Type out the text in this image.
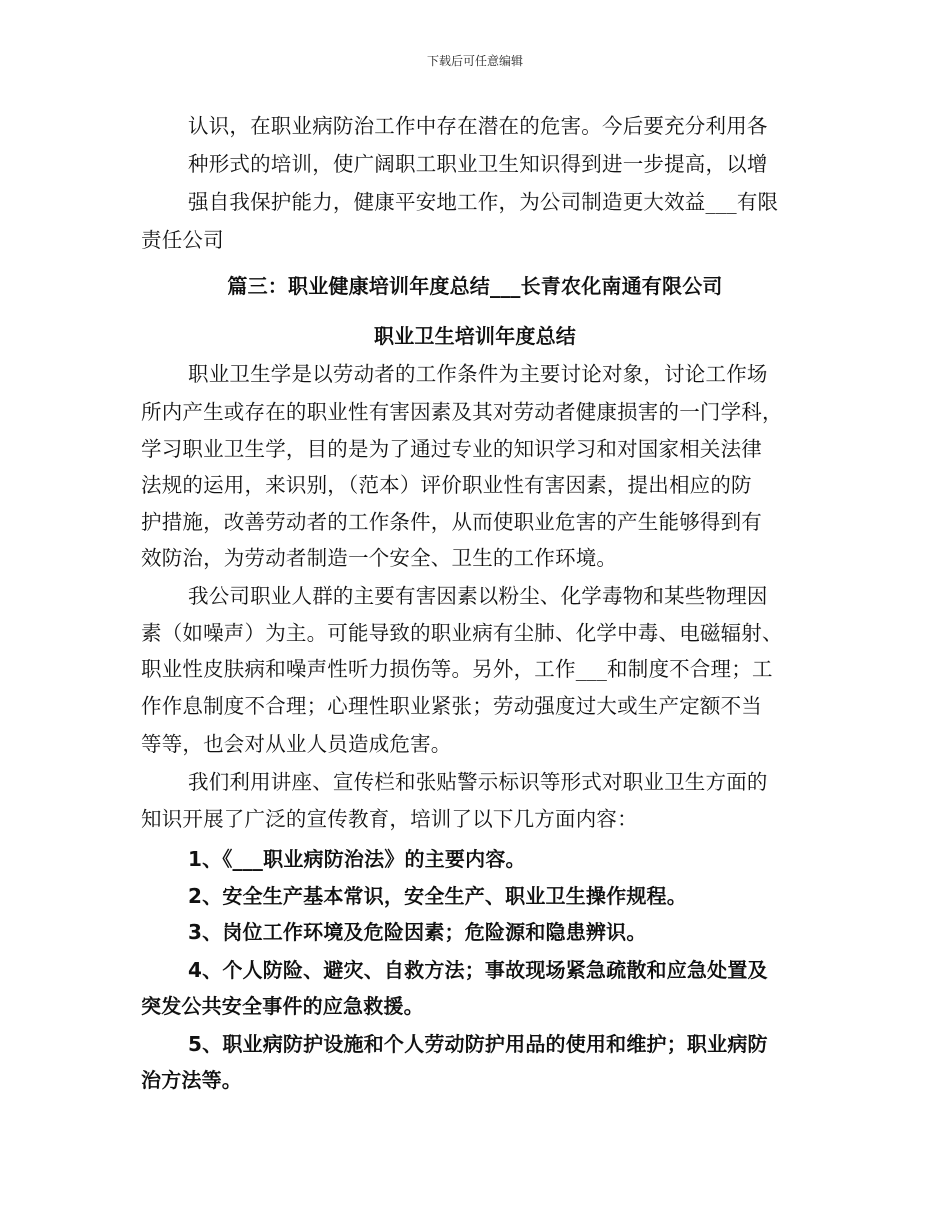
下载后可任意编辑
认识，在职业病防治工作中存在潜在的危害。今后要充分利用各
种形式的培训，使广阔职工职业卫生知识得到进一步提高，以增
强自我保护能力，健康平安地工作，为公司制造更大效益___有限
责任公司
篇三：职业健康培训年度总结___长青农化南通有限公司
职业卫生培训年度总结
职业卫生学是以劳动者的工作条件为主要讨论对象，讨论工作场
所内产生或存在的职业性有害因素及其对劳动者健康损害的一门学科，
学习职业卫生学，目的是为了通过专业的知识学习和对国家相关法律
法规的运用，来识别，（范本）评价职业性有害因素，提出相应的防
护措施，改善劳动者的工作条件，从而使职业危害的产生能够得到有
效防治，为劳动者制造一个安全、卫生的工作环境。
我公司职业人群的主要有害因素以粉尘、化学毒物和某些物理因
素（如噪声）为主。可能导致的职业病有尘肺、化学中毒、电磁辐射、
职业性皮肤病和噪声性听力损伤等。另外，工作___和制度不合理；工
作作息制度不合理；心理性职业紧张；劳动强度过大或生产定额不当
等等，也会对从业人员造成危害。
我们利用讲座、宣传栏和张贴警示标识等形式对职业卫生方面的
知识开展了广泛的宣传教育，培训了以下几方面内容：
1、《___职业病防治法》的主要内容。
2、安全生产基本常识，安全生产、职业卫生操作规程。
3、岗位工作环境及危险因素；危险源和隐患辨识。
4、个人防险、避灾、自救方法；事故现场紧急疏散和应急处置及
突发公共安全事件的应急救援。
5、职业病防护设施和个人劳动防护用品的使用和维护；职业病防
治方法等。
